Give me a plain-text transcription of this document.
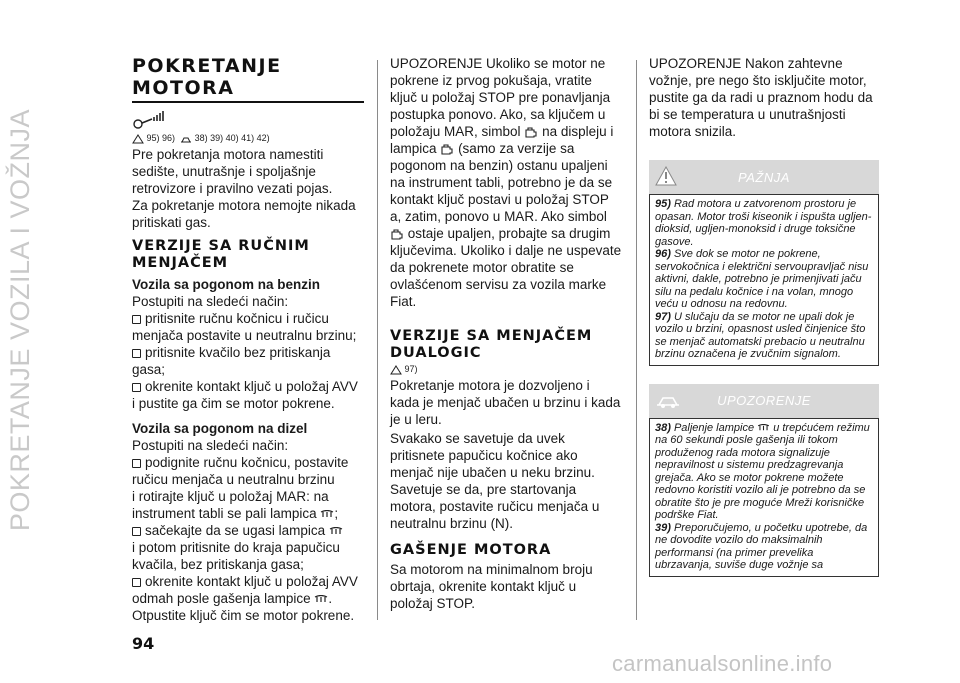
POKRETANJE VOZILA I VOŽNJA
POKRETANJE MOTORA
95) 96) 38) 39) 40) 41) 42)

Pre pokretanja motora namestiti sedište, unutrašnje i spoljašnje retrovizore i pravilno vezati pojas.

Za pokretanje motora nemojte nikada pritiskati gas.

VERZIJE SA RUČNIM MENJAČEM
Vozila sa pogonom na benzin

Postupiti na sledeći način:

pritisnite ručnu kočnicu i ručicu menjača postavite u neutralnu brzinu;

pritisnite kvačilo bez pritiskanja gasa;

okrenite kontakt ključ u položaj AVV i pustite ga čim se motor pokrene.

Vozila sa pogonom na dizel

Postupiti na sledeći način:

podignite ručnu kočnicu, postavite ručicu menjača u neutralnu brzinu

i rotirajte ključ u položaj MAR: na instrument tabli se pali lampica ;

sačekajte da se ugasi lampica

i potom pritisnite do kraja papučicu kvačila, bez pritiskanja gasa;

okrenite kontakt ključ u položaj AVV odmah posle gašenja lampice .

Otpustite ključ čim se motor pokrene.

UPOZORENJE Ukoliko se motor ne pokrene iz prvog pokušaja, vratite ključ u položaj STOP pre ponavljanja postupka ponovo. Ako, sa ključem u položaju MAR, simbol na displeju i lampica (samo za verzije sa pogonom na benzin) ostanu upaljeni na instrument tabli, potrebno je da se kontakt ključ postavi u položaj STOP a, zatim, ponovo u MAR. Ako simbol  ostaje upaljen, probajte sa drugim ključevima. Ukoliko i dalje ne uspevate da pokrenete motor obratite se ovlašćenom servisu za vozila marke Fiat.

VERZIJE SA MENJAČEM DUALOGIC
97)

Pokretanje motora je dozvoljeno i kada je menjač ubačen u brzinu i kada je u leru.

Svakako se savetuje da uvek pritisnete papučicu kočnice ako menjač nije ubačen u neku brzinu. Savetuje se da, pre startovanja motora, postavite ručicu menjača u neutralnu brzinu (N).

GAŠENJE MOTORA

Sa motorom na minimalnom broju obrtaja, okrenite kontakt ključ u položaj STOP.

UPOZORENJE Nakon zahtevne vožnje, pre nego što isključite motor, pustite ga da radi u praznom hodu da bi se temperatura u unutrašnjosti motora snizila.

PAŽNJA

95) Rad motora u zatvorenom prostoru je opasan. Motor troši kiseonik i ispušta ugljen-dioksid, ugljen-monoksid i druge toksične gasove.

96) Sve dok se motor ne pokrene, servokočnica i električni servoupravljač nisu aktivni, dakle, potrebno je primenjivati jaču silu na pedalu kočnice i na volan, mnogo veću u odnosu na redovnu.

97) U slučaju da se motor ne upali dok je vozilo u brzini, opasnost usled činjenice što se menjač automatski prebacio u neutralnu brzinu označena je zvučnim signalom.

UPOZORENJE

38) Paljenje lampice u trepćućem režimu na 60 sekundi posle gašenja ili tokom produženog rada motora signalizuje nepravilnost u sistemu predzagrevanja grejača. Ako se motor pokrene možete redovno koristiti vozilo ali je potrebno da se obratite što je pre moguće Mreži korisničke podrške Fiat.

39) Preporučujemo, u početku upotrebe, da ne dovodite vozilo do maksimalnih performansi (na primer prevelika ubrzavanja, suviše duge vožnje sa

94
carmanualsonline.info
